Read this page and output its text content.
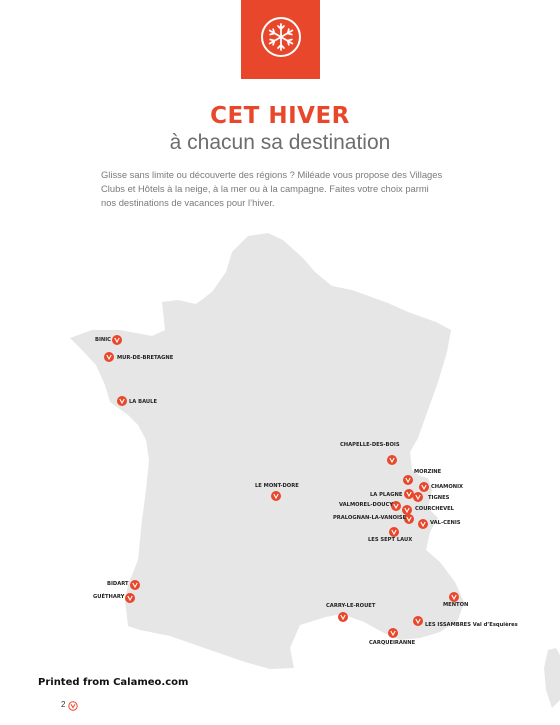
CET HIVER
à chacun sa destination
Glisse sans limite ou découverte des régions ? Miléade vous propose des Villages
Clubs et Hôtels à la neige, à la mer ou à la campagne. Faites votre choix parmi
nos destinations de vacances pour l’hiver.
BINIC
MUR-DE-BRETAGNE
LA BAULE
CHAPELLE-DES-BOIS
MORZINE
CHAMONIX
LA PLAGNE	TIGNES
VALMOREL-DOUCY
COURCHEVEL
PRALOGNAN-LA-VANOISE
VAL-CENIS
LES SEPT LAUX
LE MONT-DORE
BIDART
GUÉTHARY
CARRY-LE-ROUET	MENTON
LES ISSAMBRES Val d’Esquières
CARQUEIRANNE
Printed from Calameo.com
2
